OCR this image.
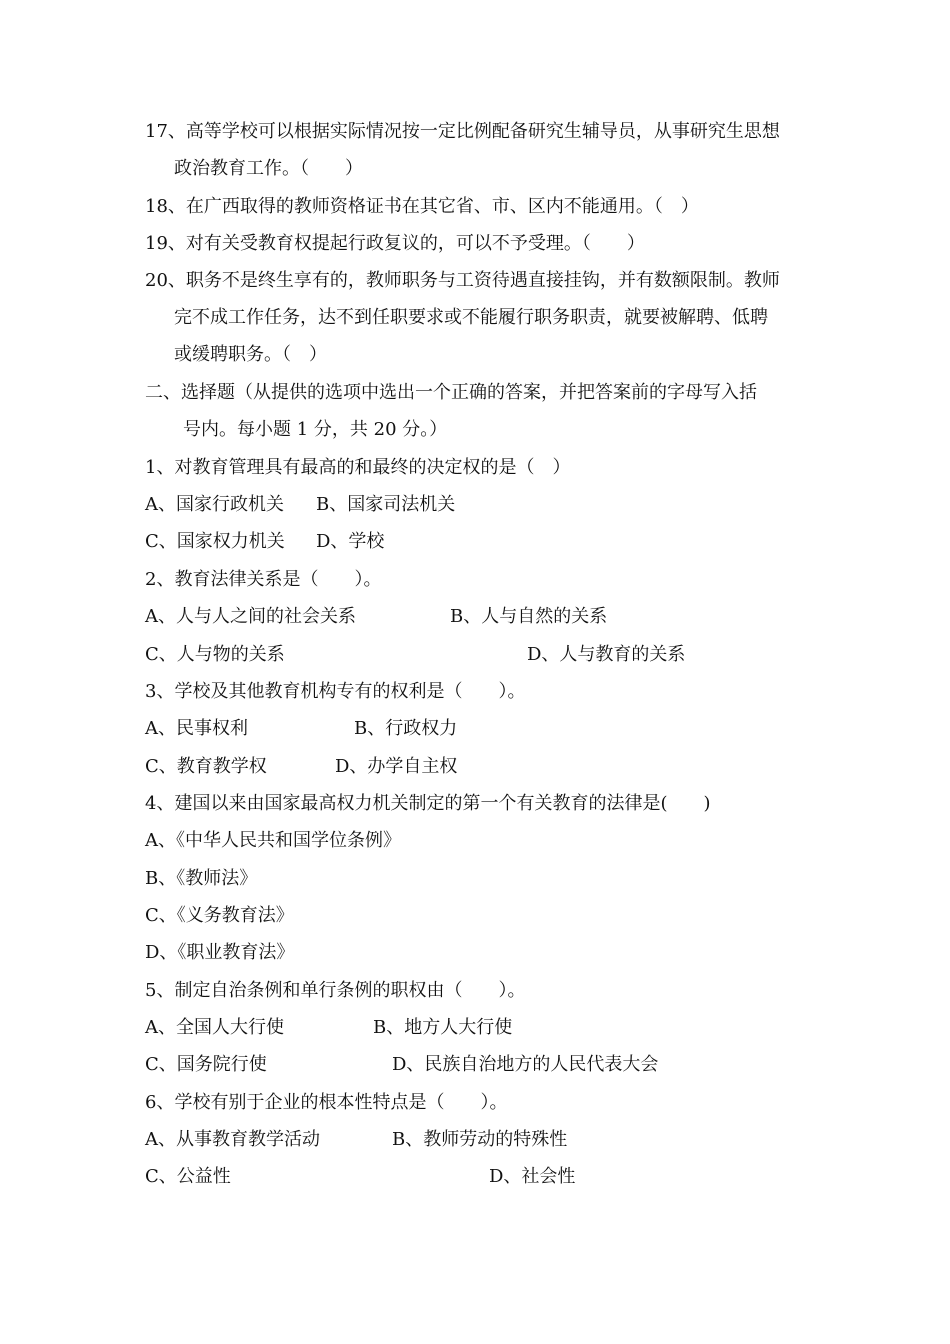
17、高等学校可以根据实际情况按一定比例配备研究生辅导员，从事研究生思想
政治教育工作。（　　）
18、在广西取得的教师资格证书在其它省、市、区内不能通用。（　）
19、对有关受教育权提起行政复议的，可以不予受理。（　　）
20、职务不是终生享有的，教师职务与工资待遇直接挂钩，并有数额限制。教师
完不成工作任务，达不到任职要求或不能履行职务职责，就要被解聘、低聘
或缓聘职务。（　）
二、选择题（从提供的选项中选出一个正确的答案，并把答案前的字母写入括
号内。每小题 1 分，共 20 分。）
1、对教育管理具有最高的和最终的决定权的是（　）
A、国家行政机关 B、国家司法机关
C、国家权力机关 D、学校
2、教育法律关系是（　　）。
A、人与人之间的社会关系	B、人与自然的关系
C、人与物的关系	D、人与教育的关系
3、学校及其他教育机构专有的权利是（　　）。
A、民事权利	B、行政权力
C、教育教学权	D、办学自主权
4、建国以来由国家最高权力机关制定的第一个有关教育的法律是(　　)
A、《中华人民共和国学位条例》
B、《教师法》
C、《义务教育法》
D、《职业教育法》
5、制定自治条例和单行条例的职权由（　　）。
A、全国人大行使	B、地方人大行使
C、国务院行使	D、民族自治地方的人民代表大会
6、学校有别于企业的根本性特点是（　　）。
A、从事教育教学活动	B、教师劳动的特殊性
C、公益性	D、社会性
